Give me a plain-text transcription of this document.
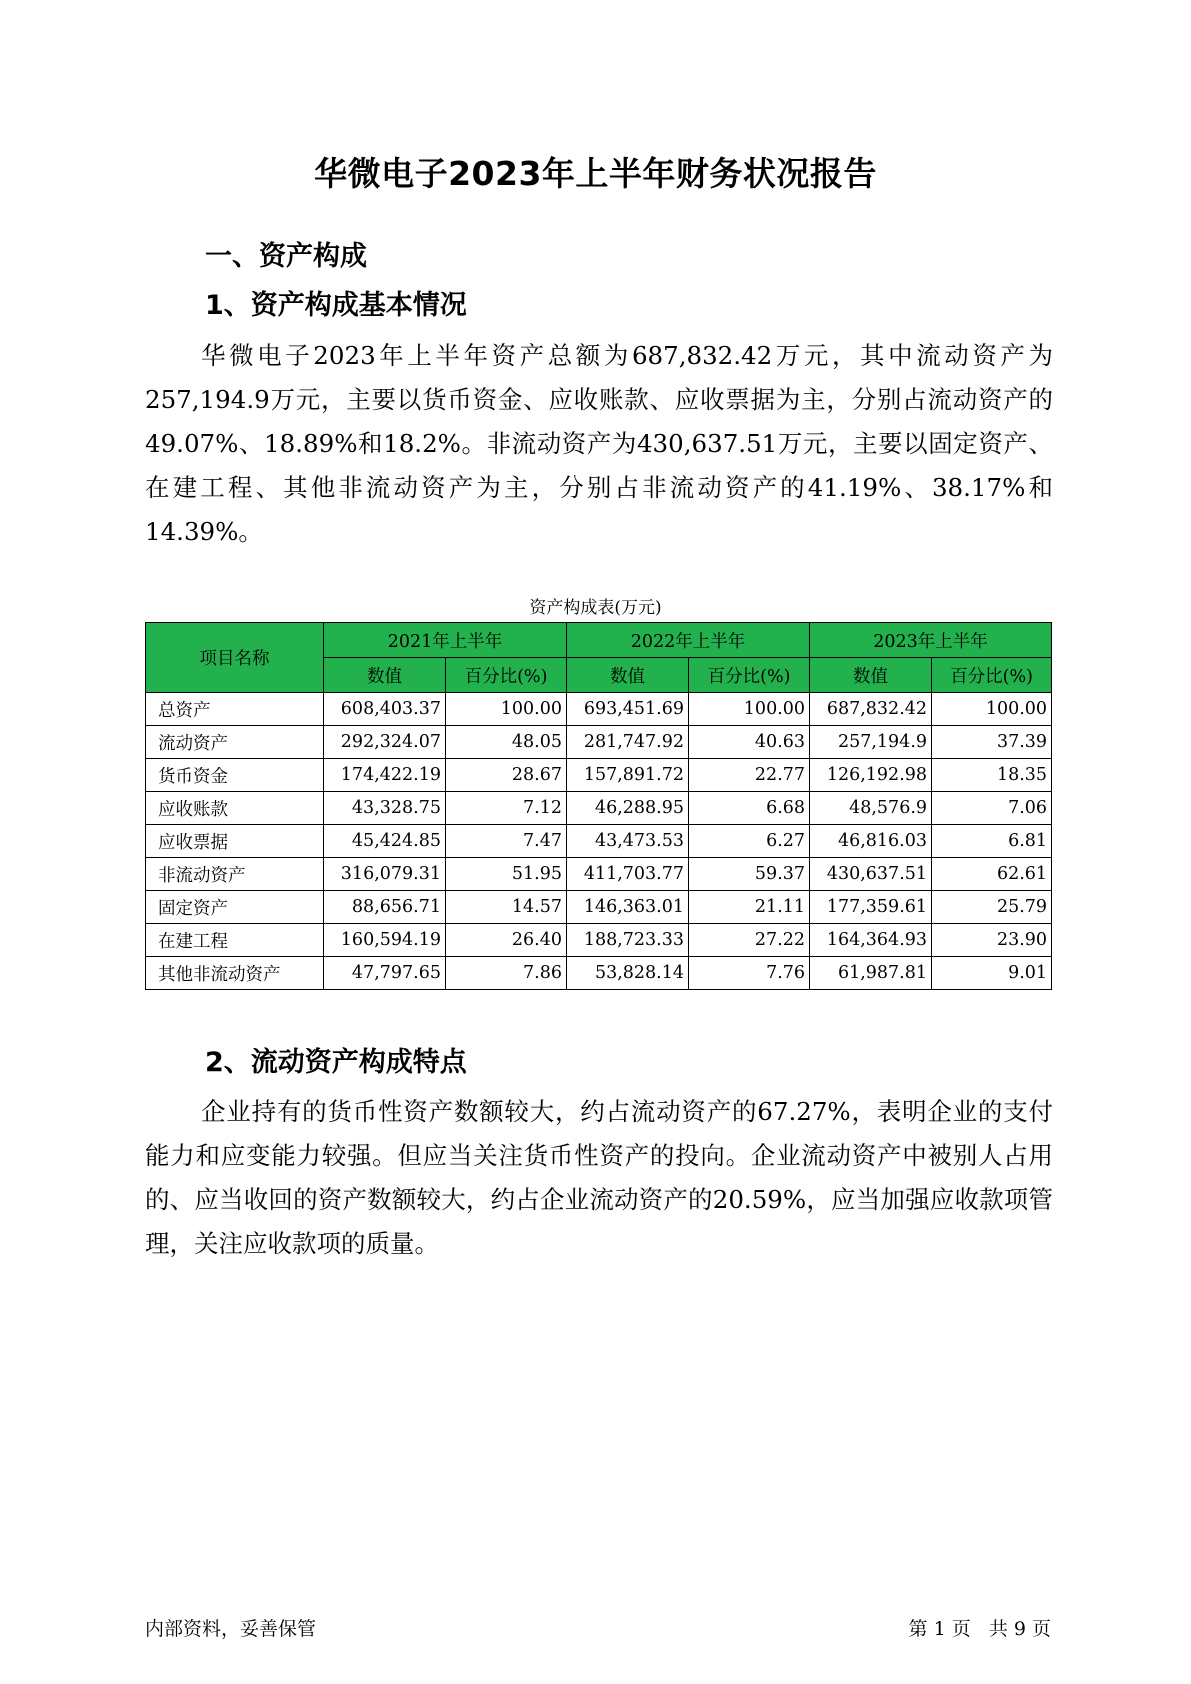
华微电子2023年上半年财务状况报告
一、资产构成
1、资产构成基本情况

华微电子2023年上半年资产总额为687,832.42万元，其中流动资产为257,194.9万元，主要以货币资金、应收账款、应收票据为主，分别占流动资产的49.07%、18.89%和18.2%。非流动资产为430,637.51万元，主要以固定资产、在建工程、其他非流动资产为主，分别占非流动资产的41.19%、38.17%和14.39%。

资产构成表(万元)
项目名称	2021年上半年		2022年上半年		2023年上半年	
	数值	百分比(%)	数值	百分比(%)	数值	百分比(%)
总资产	608,403.37	100.00	693,451.69	100.00	687,832.42	100.00
流动资产	292,324.07	48.05	281,747.92	40.63	257,194.9	37.39
货币资金	174,422.19	28.67	157,891.72	22.77	126,192.98	18.35
应收账款	43,328.75	7.12	46,288.95	6.68	48,576.9	7.06
应收票据	45,424.85	7.47	43,473.53	6.27	46,816.03	6.81
非流动资产	316,079.31	51.95	411,703.77	59.37	430,637.51	62.61
固定资产	88,656.71	14.57	146,363.01	21.11	177,359.61	25.79
在建工程	160,594.19	26.40	188,723.33	27.22	164,364.93	23.90
其他非流动资产	47,797.65	7.86	53,828.14	7.76	61,987.81	9.01
2、流动资产构成特点

企业持有的货币性资产数额较大，约占流动资产的67.27%，表明企业的支付能力和应变能力较强。但应当关注货币性资产的投向。企业流动资产中被别人占用的、应当收回的资产数额较大，约占企业流动资产的20.59%，应当加强应收款项管理，关注应收款项的质量。

内部资料，妥善保管	第 1 页   共 9 页
